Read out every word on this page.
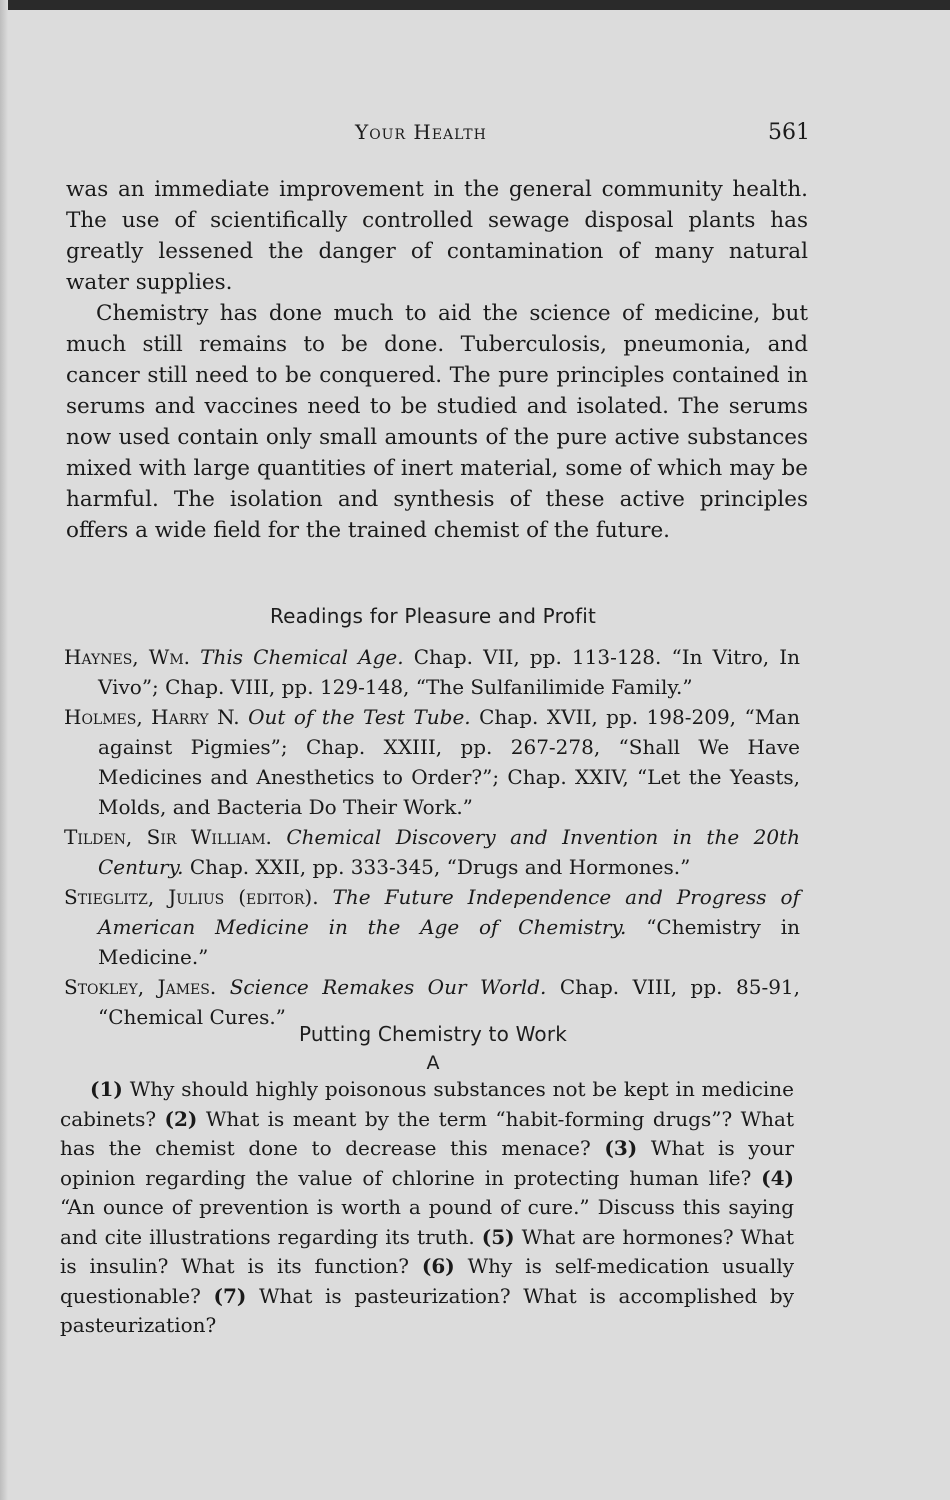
Your Health	561

was an immediate improvement in the general community health. The use of scientifically controlled sewage disposal plants has greatly lessened the danger of contamination of many natural water supplies.

Chemistry has done much to aid the science of medicine, but much still remains to be done. Tuberculosis, pneumonia, and cancer still need to be conquered. The pure principles contained in serums and vaccines need to be studied and isolated. The serums now used contain only small amounts of the pure active substances mixed with large quantities of inert material, some of which may be harmful. The isolation and synthesis of these active principles offers a wide field for the trained chemist of the future.

Readings for Pleasure and Profit

Haynes, Wm. This Chemical Age. Chap. VII, pp. 113-128. “In Vitro, In Vivo”; Chap. VIII, pp. 129-148, “The Sulfanilimide Family.”

Holmes, Harry N. Out of the Test Tube. Chap. XVII, pp. 198-209, “Man against Pigmies”; Chap. XXIII, pp. 267-278, “Shall We Have Medicines and Anesthetics to Order?”; Chap. XXIV, “Let the Yeasts, Molds, and Bacteria Do Their Work.”

Tilden, Sir William. Chemical Discovery and Invention in the 20th Century. Chap. XXII, pp. 333-345, “Drugs and Hormones.”

Stieglitz, Julius (editor). The Future Independence and Progress of American Medicine in the Age of Chemistry. “Chemistry in Medicine.”

Stokley, James. Science Remakes Our World. Chap. VIII, pp. 85-91, “Chemical Cures.”

Putting Chemistry to Work
A

(1) Why should highly poisonous substances not be kept in medicine cabinets? (2) What is meant by the term “habit-forming drugs”? What has the chemist done to decrease this menace? (3) What is your opinion regarding the value of chlorine in protecting human life? (4) “An ounce of prevention is worth a pound of cure.” Discuss this saying and cite illustrations regarding its truth. (5) What are hormones? What is insulin? What is its function? (6) Why is self-medication usually questionable? (7) What is pasteurization? What is accomplished by pasteurization?
